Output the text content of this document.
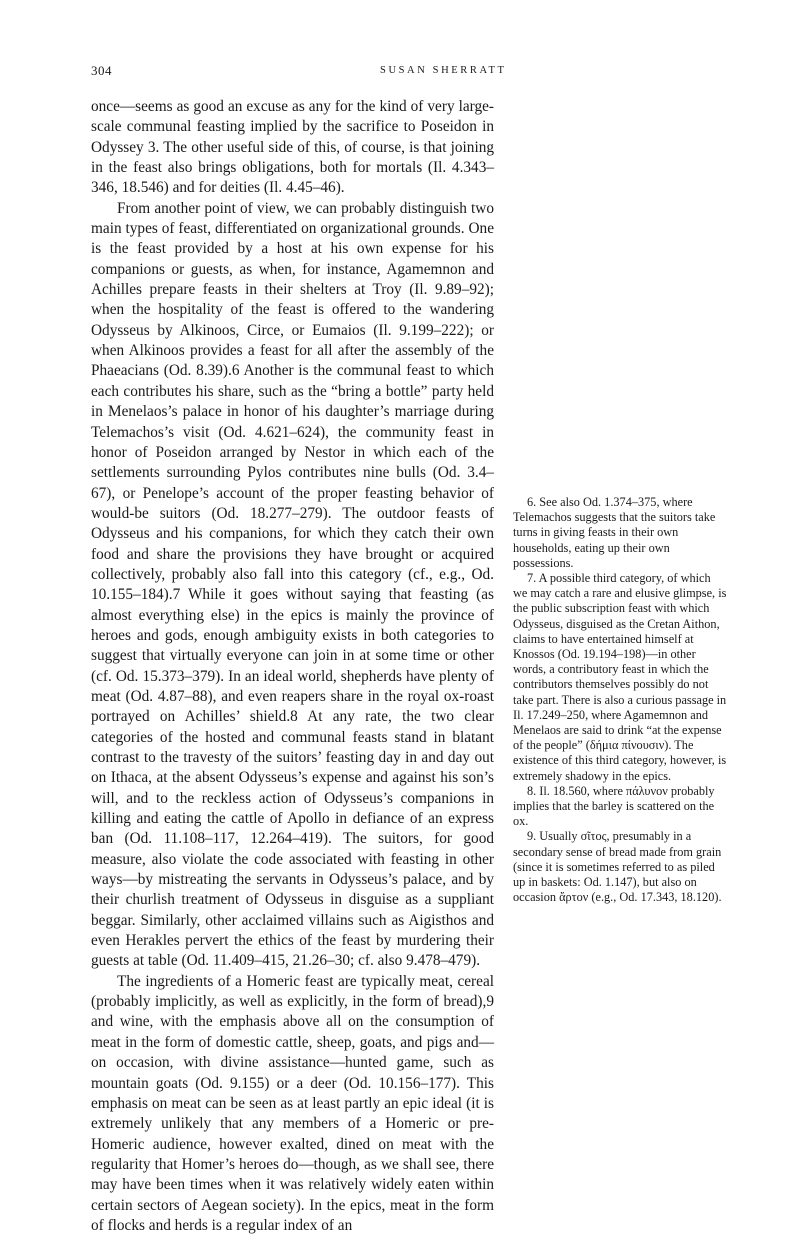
304	SUSAN SHERRATT

once—seems as good an excuse as any for the kind of very large-scale communal feasting implied by the sacrifice to Poseidon in Odyssey 3. The other useful side of this, of course, is that joining in the feast also brings obligations, both for mortals (Il. 4.343–346, 18.546) and for deities (Il. 4.45–46).

From another point of view, we can probably distinguish two main types of feast, differentiated on organizational grounds. One is the feast provided by a host at his own expense for his companions or guests, as when, for instance, Agamemnon and Achilles prepare feasts in their shelters at Troy (Il. 9.89–92); when the hospitality of the feast is offered to the wandering Odysseus by Alkinoos, Circe, or Eumaios (Il. 9.199–222); or when Alkinoos provides a feast for all after the assembly of the Phaeacians (Od. 8.39).6 Another is the communal feast to which each contributes his share, such as the “bring a bottle” party held in Menelaos’s palace in honor of his daughter’s marriage during Telemachos’s visit (Od. 4.621–624), the community feast in honor of Poseidon arranged by Nestor in which each of the settlements surrounding Pylos contributes nine bulls (Od. 3.4–67), or Penelope’s account of the proper feasting behavior of would-be suitors (Od. 18.277–279). The outdoor feasts of Odysseus and his companions, for which they catch their own food and share the provisions they have brought or acquired collectively, probably also fall into this category (cf., e.g., Od. 10.155–184).7 While it goes without saying that feasting (as almost everything else) in the epics is mainly the province of heroes and gods, enough ambiguity exists in both categories to suggest that virtually everyone can join in at some time or other (cf. Od. 15.373–379). In an ideal world, shepherds have plenty of meat (Od. 4.87–88), and even reapers share in the royal ox-roast portrayed on Achilles’ shield.8 At any rate, the two clear categories of the hosted and communal feasts stand in blatant contrast to the travesty of the suitors’ feasting day in and day out on Ithaca, at the absent Odysseus’s expense and against his son’s will, and to the reckless action of Odysseus’s companions in killing and eating the cattle of Apollo in defiance of an express ban (Od. 11.108–117, 12.264–419). The suitors, for good measure, also violate the code associated with feasting in other ways—by mistreating the servants in Odysseus’s palace, and by their churlish treatment of Odysseus in disguise as a suppliant beggar. Similarly, other acclaimed villains such as Aigisthos and even Herakles pervert the ethics of the feast by murdering their guests at table (Od. 11.409–415, 21.26–30; cf. also 9.478–479).

The ingredients of a Homeric feast are typically meat, cereal (probably implicitly, as well as explicitly, in the form of bread),9 and wine, with the emphasis above all on the consumption of meat in the form of domestic cattle, sheep, goats, and pigs and—on occasion, with divine assistance—hunted game, such as mountain goats (Od. 9.155) or a deer (Od. 10.156–177). This emphasis on meat can be seen as at least partly an epic ideal (it is extremely unlikely that any members of a Homeric or pre-Homeric audience, however exalted, dined on meat with the regularity that Homer’s heroes do—though, as we shall see, there may have been times when it was relatively widely eaten within certain sectors of Aegean society). In the epics, meat in the form of flocks and herds is a regular index of an

6. See also Od. 1.374–375, where Telemachos suggests that the suitors take turns in giving feasts in their own households, eating up their own possessions.

7. A possible third category, of which we may catch a rare and elusive glimpse, is the public subscription feast with which Odysseus, disguised as the Cretan Aithon, claims to have entertained himself at Knossos (Od. 19.194–198)—in other words, a contributory feast in which the contributors themselves possibly do not take part. There is also a curious passage in Il. 17.249–250, where Agamemnon and Menelaos are said to drink “at the expense of the people” (δήμια πίνουσιν). The existence of this third category, however, is extremely shadowy in the epics.

8. Il. 18.560, where πάλυνον probably implies that the barley is scattered on the ox.

9. Usually σῖτος, presumably in a secondary sense of bread made from grain (since it is sometimes referred to as piled up in baskets: Od. 1.147), but also on occasion ἄρτον (e.g., Od. 17.343, 18.120).
